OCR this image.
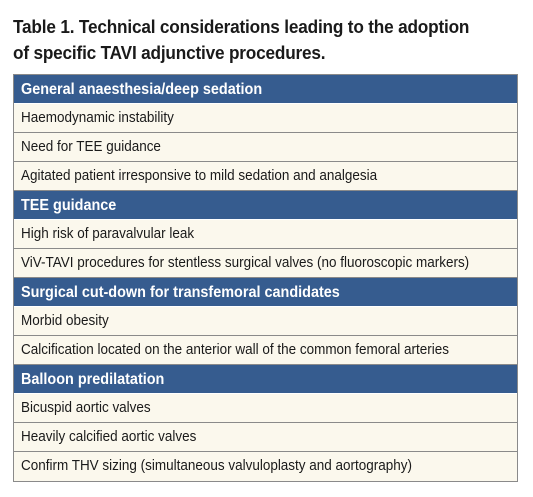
Table 1. Technical considerations leading to the adoption of specific TAVI adjunctive procedures.
General anaesthesia/deep sedation
Haemodynamic instability
Need for TEE guidance
Agitated patient irresponsive to mild sedation and analgesia
TEE guidance
High risk of paravalvular leak
ViV-TAVI procedures for stentless surgical valves (no fluoroscopic markers)
Surgical cut-down for transfemoral candidates
Morbid obesity
Calcification located on the anterior wall of the common femoral arteries
Balloon predilatation
Bicuspid aortic valves
Heavily calcified aortic valves
Confirm THV sizing (simultaneous valvuloplasty and aortography)
